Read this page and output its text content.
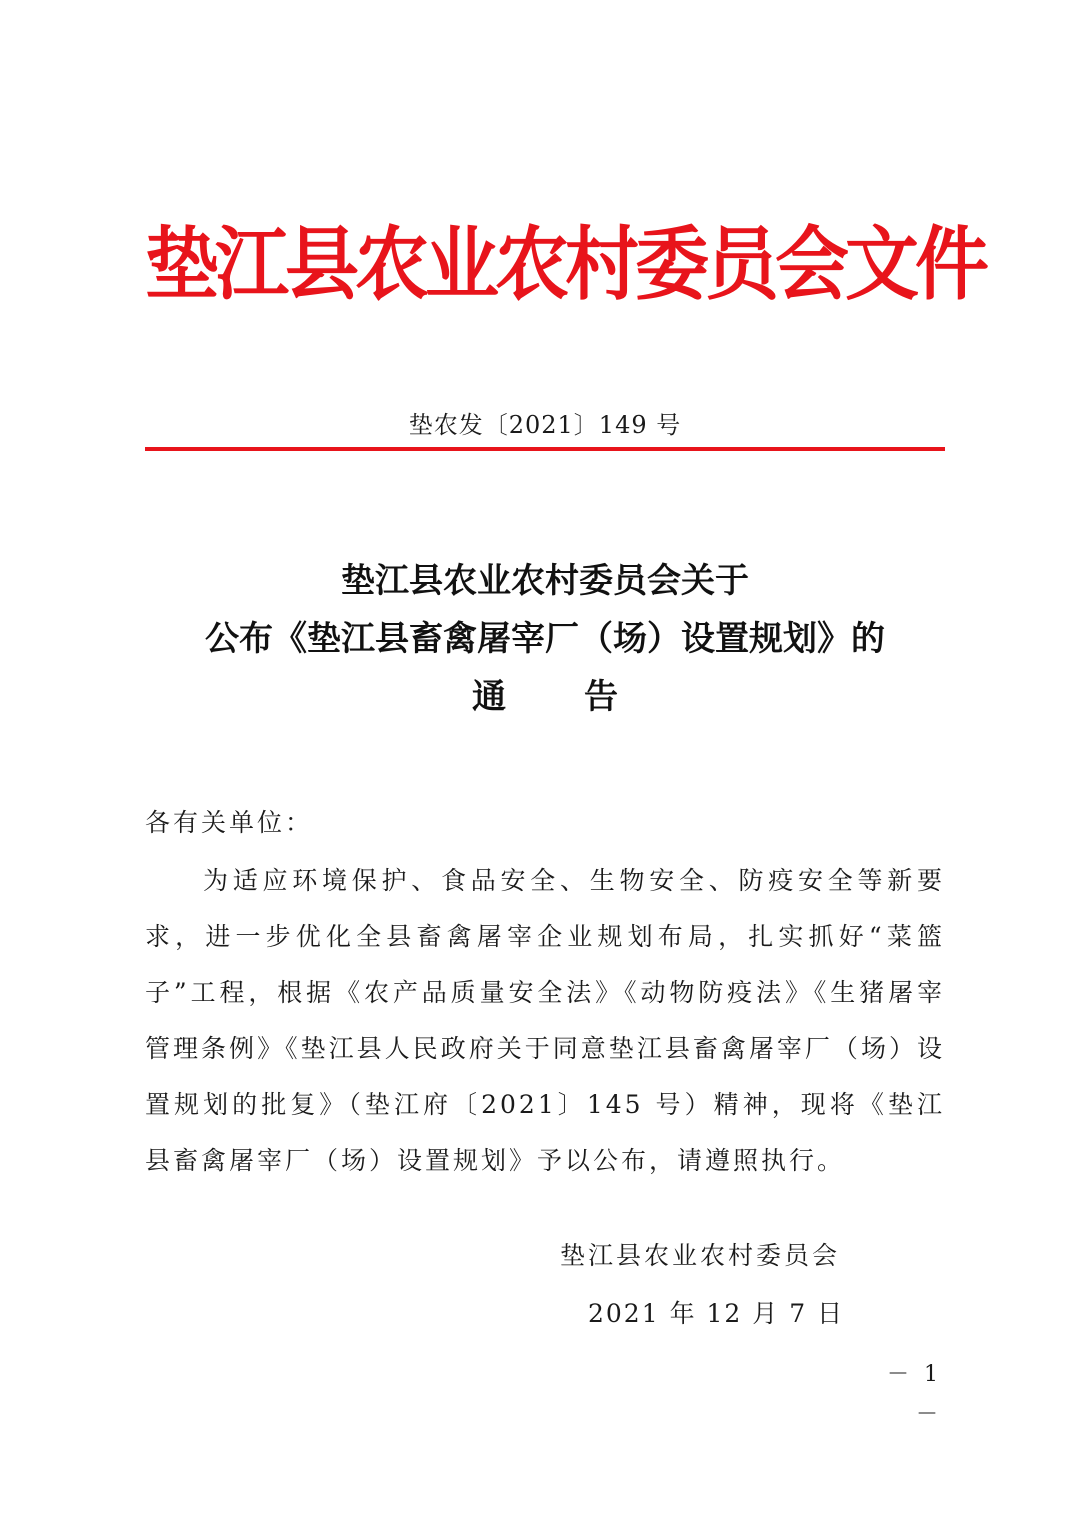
垫江县农业农村委员会文件
垫农发〔2021〕149 号
垫江县农业农村委员会关于
公布《垫江县畜禽屠宰厂（场）设置规划》的
通告
各有关单位：
为适应环境保护、食品安全、生物安全、防疫安全等新要求，进一步优化全县畜禽屠宰企业规划布局，扎实抓好“菜篮子”工程，根据《农产品质量安全法》《动物防疫法》《生猪屠宰管理条例》《垫江县人民政府关于同意垫江县畜禽屠宰厂（场）设置规划的批复》（垫江府〔2021〕145 号）精神，现将《垫江县畜禽屠宰厂（场）设置规划》予以公布，请遵照执行。
垫江县农业农村委员会
2021 年 12 月 7 日
－ 1 －
